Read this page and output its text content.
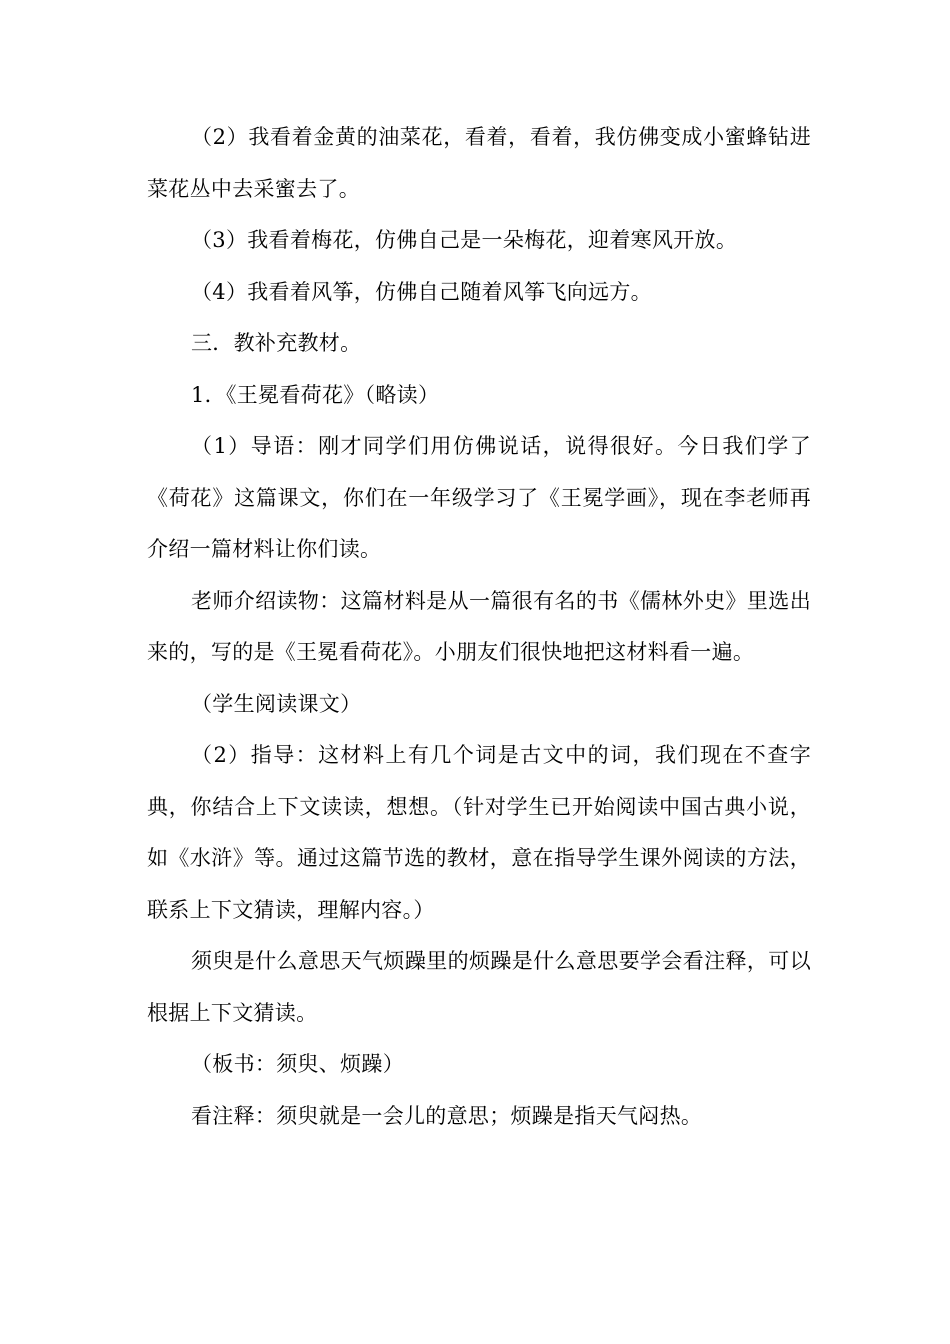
（2）我看着金黄的油菜花，看着，看着，我仿佛变成小蜜蜂钻进菜花丛中去采蜜去了。

（3）我看着梅花，仿佛自己是一朵梅花，迎着寒风开放。

（4）我看着风筝，仿佛自己随着风筝飞向远方。

三．教补充教材。

1．《王冕看荷花》（略读）

（1）导语：刚才同学们用仿佛说话，说得很好。今日我们学了《荷花》这篇课文，你们在一年级学习了《王冕学画》，现在李老师再介绍一篇材料让你们读。

老师介绍读物：这篇材料是从一篇很有名的书《儒林外史》里选出来的，写的是《王冕看荷花》。小朋友们很快地把这材料看一遍。

（学生阅读课文）

（2）指导：这材料上有几个词是古文中的词，我们现在不查字典，你结合上下文读读，想想。（针对学生已开始阅读中国古典小说，如《水浒》等。通过这篇节选的教材，意在指导学生课外阅读的方法，联系上下文猜读，理解内容。）

须臾是什么意思天气烦躁里的烦躁是什么意思要学会看注释，可以根据上下文猜读。

（板书：须臾、烦躁）

看注释：须臾就是一会儿的意思；烦躁是指天气闷热。
